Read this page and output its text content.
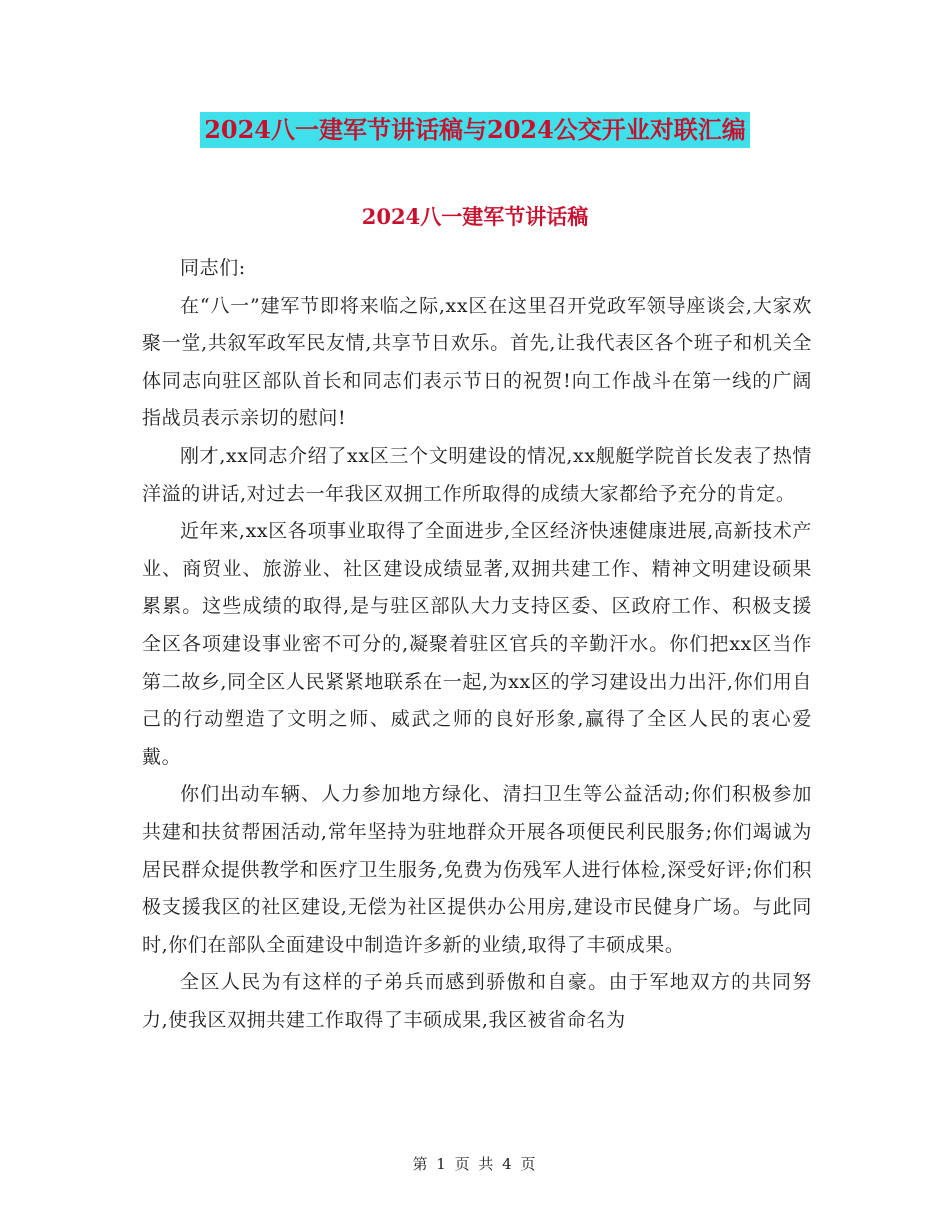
2024八一建军节讲话稿与2024公交开业对联汇编
2024八一建军节讲话稿

同志们:

在“八一”建军节即将来临之际,xx区在这里召开党政军领导座谈会,大家欢聚一堂,共叙军政军民友情,共享节日欢乐。首先,让我代表区各个班子和机关全体同志向驻区部队首长和同志们表示节日的祝贺!向工作战斗在第一线的广阔指战员表示亲切的慰问!

刚才,xx同志介绍了xx区三个文明建设的情况,xx舰艇学院首长发表了热情洋溢的讲话,对过去一年我区双拥工作所取得的成绩大家都给予充分的肯定。

近年来,xx区各项事业取得了全面进步,全区经济快速健康进展,高新技术产业、商贸业、旅游业、社区建设成绩显著,双拥共建工作、精神文明建设硕果累累。这些成绩的取得,是与驻区部队大力支持区委、区政府工作、积极支援全区各项建设事业密不可分的,凝聚着驻区官兵的辛勤汗水。你们把xx区当作第二故乡,同全区人民紧紧地联系在一起,为xx区的学习建设出力出汗,你们用自己的行动塑造了文明之师、威武之师的良好形象,赢得了全区人民的衷心爱戴。

你们出动车辆、人力参加地方绿化、清扫卫生等公益活动;你们积极参加共建和扶贫帮困活动,常年坚持为驻地群众开展各项便民利民服务;你们竭诚为居民群众提供教学和医疗卫生服务,免费为伤残军人进行体检,深受好评;你们积极支援我区的社区建设,无偿为社区提供办公用房,建设市民健身广场。与此同时,你们在部队全面建设中制造许多新的业绩,取得了丰硕成果。

全区人民为有这样的子弟兵而感到骄傲和自豪。由于军地双方的共同努力,使我区双拥共建工作取得了丰硕成果,我区被省命名为

第 1 页 共 4 页
